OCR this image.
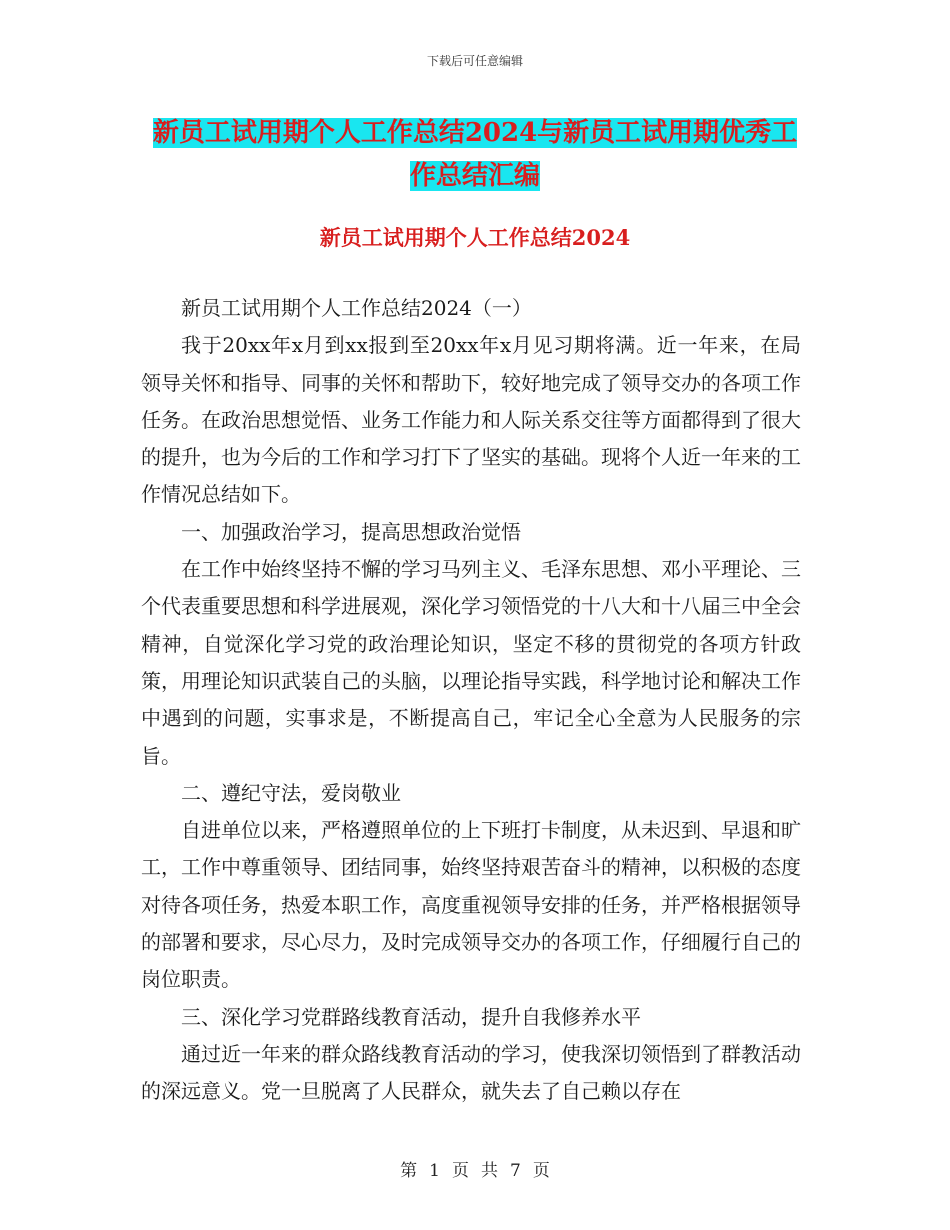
下载后可任意编辑
新员工试用期个人工作总结2024与新员工试用期优秀工作总结汇编
新员工试用期个人工作总结2024

新员工试用期个人工作总结2024（一）

我于20xx年x月到xx报到至20xx年x月见习期将满。近一年来，在局领导关怀和指导、同事的关怀和帮助下，较好地完成了领导交办的各项工作任务。在政治思想觉悟、业务工作能力和人际关系交往等方面都得到了很大的提升，也为今后的工作和学习打下了坚实的基础。现将个人近一年来的工作情况总结如下。

一、加强政治学习，提高思想政治觉悟

在工作中始终坚持不懈的学习马列主义、毛泽东思想、邓小平理论、三个代表重要思想和科学进展观，深化学习领悟党的十八大和十八届三中全会精神，自觉深化学习党的政治理论知识，坚定不移的贯彻党的各项方针政策，用理论知识武装自己的头脑，以理论指导实践，科学地讨论和解决工作中遇到的问题，实事求是，不断提高自己，牢记全心全意为人民服务的宗旨。

二、遵纪守法，爱岗敬业

自进单位以来，严格遵照单位的上下班打卡制度，从未迟到、早退和旷工，工作中尊重领导、团结同事，始终坚持艰苦奋斗的精神，以积极的态度对待各项任务，热爱本职工作，高度重视领导安排的任务，并严格根据领导的部署和要求，尽心尽力，及时完成领导交办的各项工作，仔细履行自己的岗位职责。

三、深化学习党群路线教育活动，提升自我修养水平

通过近一年来的群众路线教育活动的学习，使我深切领悟到了群教活动的深远意义。党一旦脱离了人民群众，就失去了自己赖以存在

第 1 页 共 7 页
